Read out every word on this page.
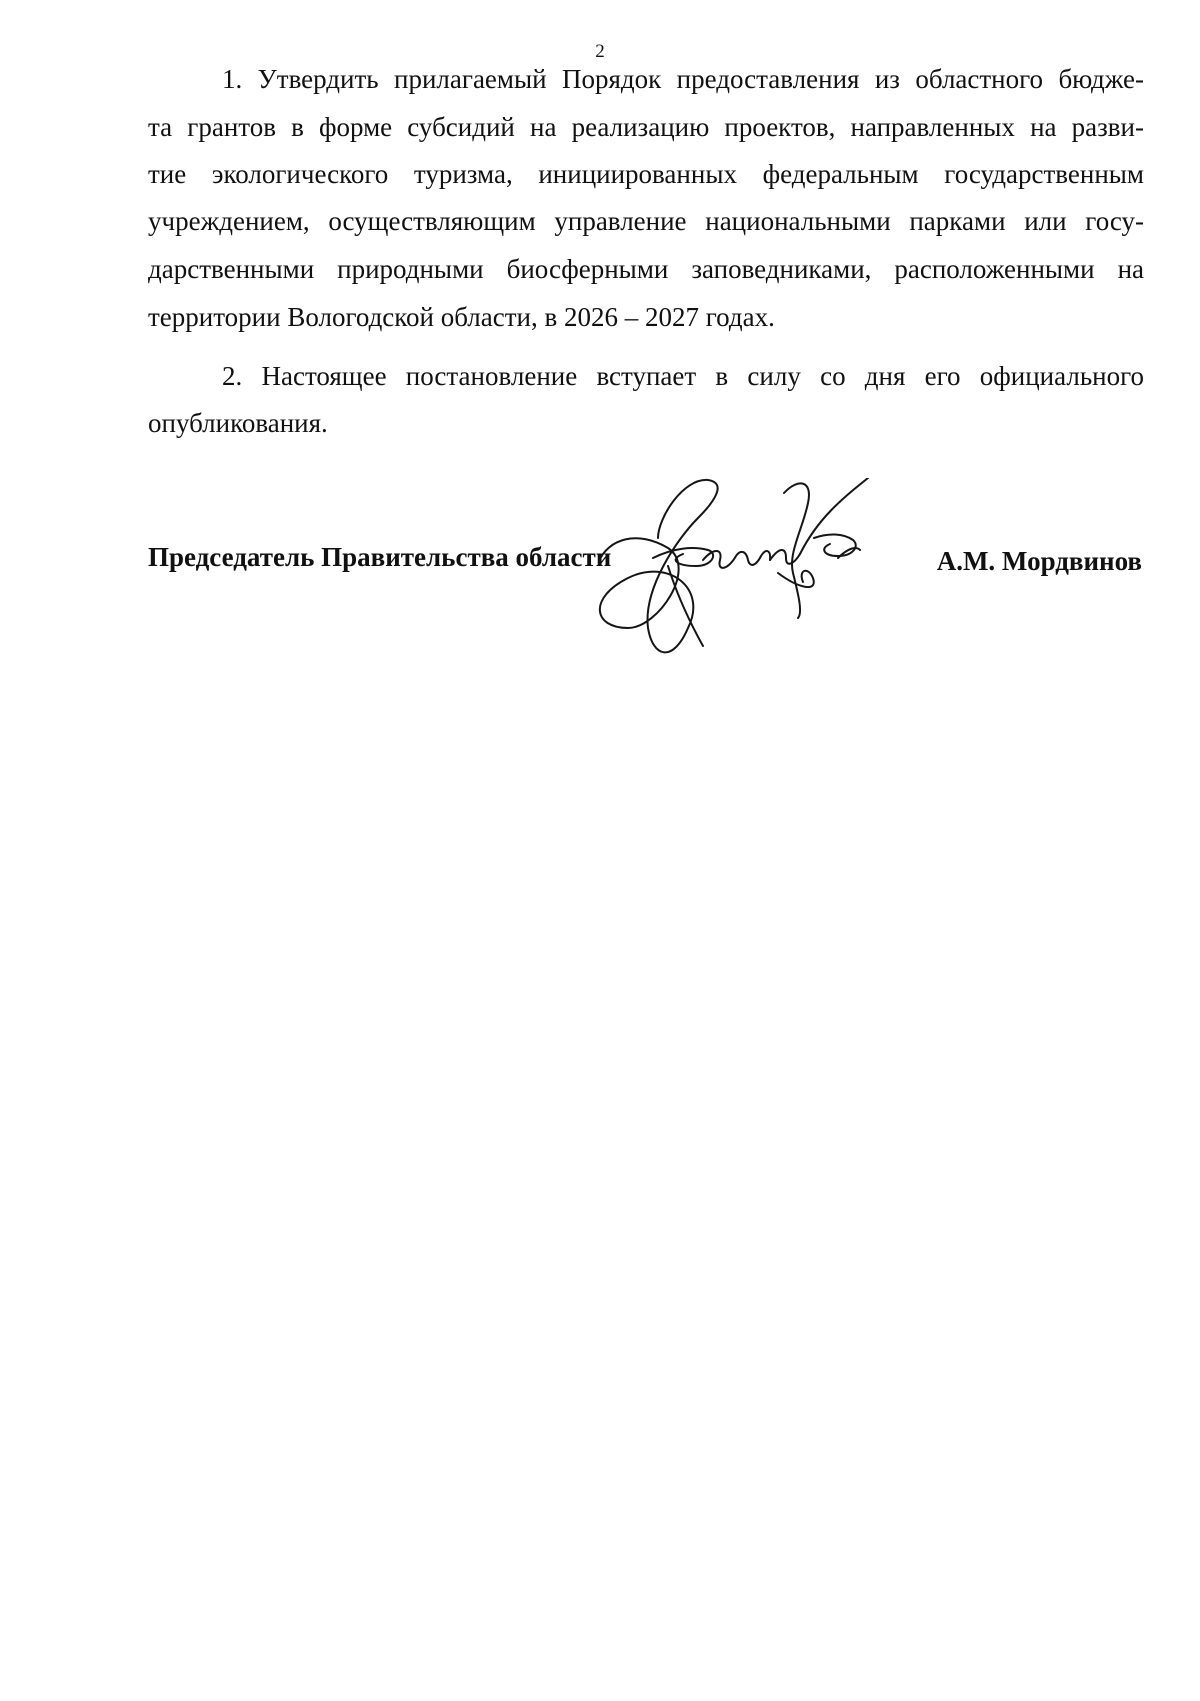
2
1. Утвердить прилагаемый Порядок предоставления из областного бюдже-
та грантов в форме субсидий на реализацию проектов, направленных на разви-
тие экологического туризма, инициированных федеральным государственным
учреждением, осуществляющим управление национальными парками или госу-
дарственными природными биосферными заповедниками, расположенными на
территории Вологодской области, в 2026 – 2027 годах.
2. Настоящее постановление вступает в силу со дня его официального
опубликования.
Председатель Правительства области	А.М. Мордвинов
